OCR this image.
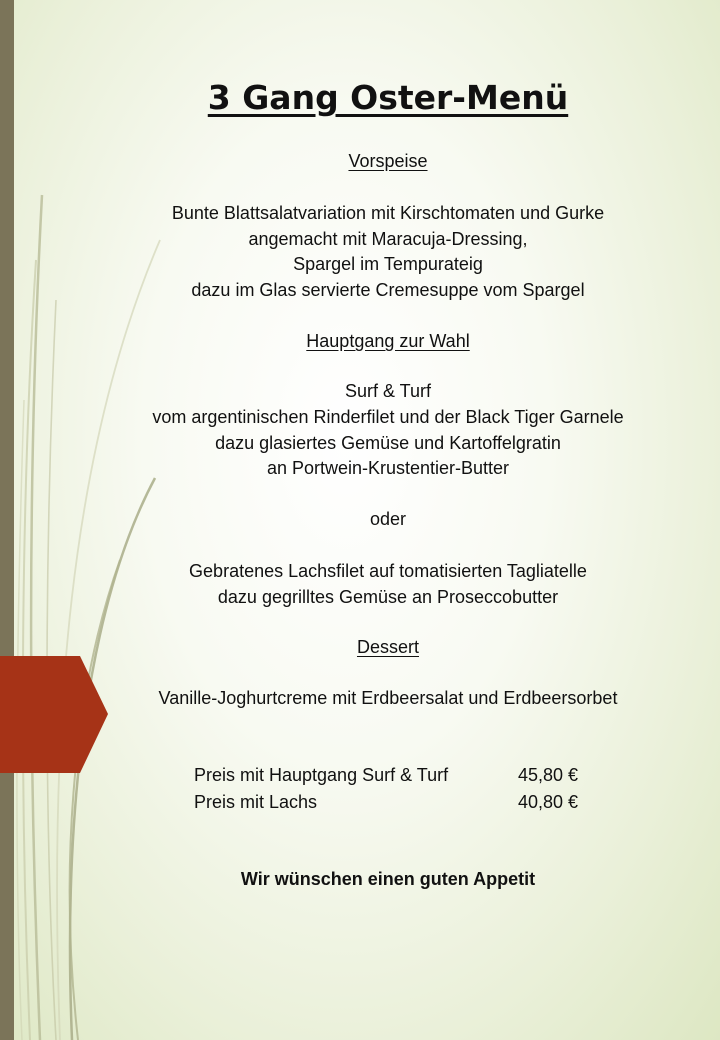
3 Gang Oster-Menü
Vorspeise
Bunte Blattsalatvariation mit Kirschtomaten und Gurke
angemacht mit Maracuja-Dressing,
Spargel im Tempurateig
dazu im Glas servierte Cremesuppe vom Spargel
Hauptgang zur Wahl
Surf & Turf
vom argentinischen Rinderfilet und der Black Tiger Garnele
dazu glasiertes Gemüse und Kartoffelgratin
an Portwein-Krustentier-Butter
oder
Gebratenes Lachsfilet auf tomatisierten Tagliatelle
dazu gegrilltes Gemüse an Proseccobutter
Dessert
Vanille-Joghurtcreme mit Erdbeersalat und Erdbeersorbet
Preis mit Hauptgang Surf & Turf	45,80 €
Preis mit Lachs	40,80 €
Wir wünschen einen guten Appetit
